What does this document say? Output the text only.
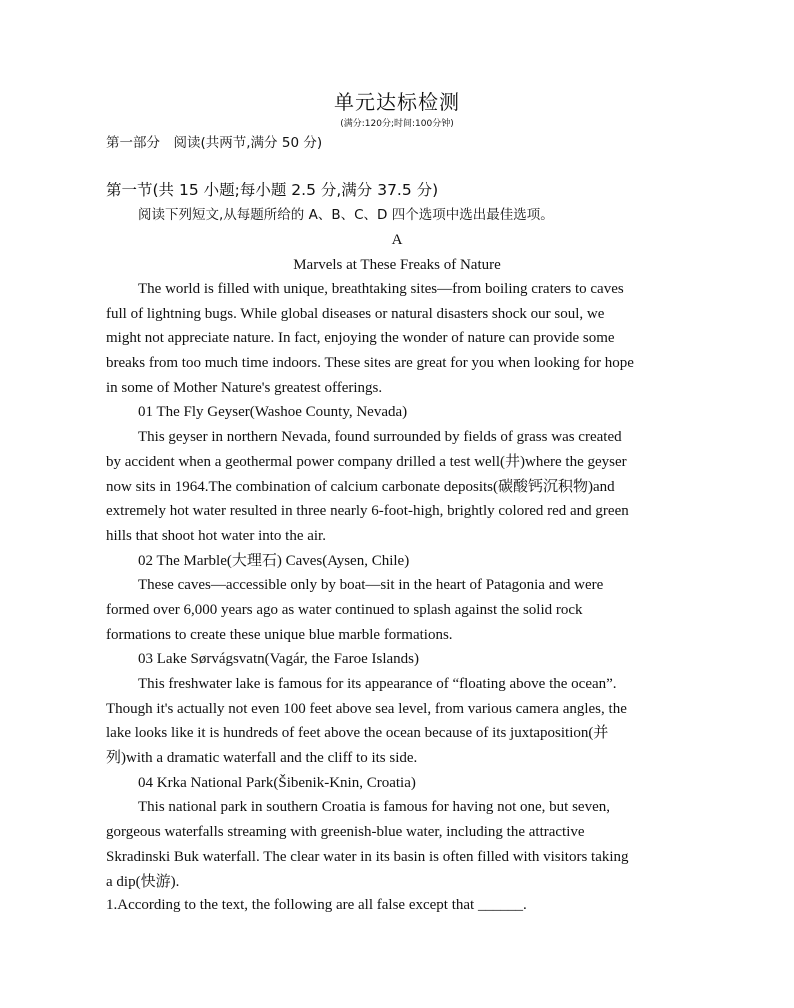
单元达标检测
(满分:120分;时间:100分钟)
第一部分　阅读(共两节,满分 50 分)
第一节(共 15 小题;每小题 2.5 分,满分 37.5 分)
阅读下列短文,从每题所给的 A、B、C、D 四个选项中选出最佳选项。
A
Marvels at These Freaks of Nature
The world is filled with unique, breathtaking sites—from boiling craters to caves
full of lightning bugs. While global diseases or natural disasters shock our soul, we
might not appreciate nature. In fact, enjoying the wonder of nature can provide some
breaks from too much time indoors. These sites are great for you when looking for hope
in some of Mother Nature's greatest offerings.
01 The Fly Geyser(Washoe County, Nevada)
This geyser in northern Nevada, found surrounded by fields of grass was created
by accident when a geothermal power company drilled a test well(井)where the geyser
now sits in 1964.The combination of calcium carbonate deposits(碳酸钙沉积物)and
extremely hot water resulted in three nearly 6-foot-high, brightly colored red and green
hills that shoot hot water into the air.
02 The Marble(大理石) Caves(Aysen, Chile)
These caves—accessible only by boat—sit in the heart of Patagonia and were
formed over 6,000 years ago as water continued to splash against the solid rock
formations to create these unique blue marble formations.
03 Lake Sørvágsvatn(Vagár, the Faroe Islands)
This freshwater lake is famous for its appearance of “floating above the ocean”.
Though it's actually not even 100 feet above sea level, from various camera angles, the
lake looks like it is hundreds of feet above the ocean because of its juxtaposition(并
列)with a dramatic waterfall and the cliff to its side.
04 Krka National Park(Šibenik-Knin, Croatia)
This national park in southern Croatia is famous for having not one, but seven,
gorgeous waterfalls streaming with greenish-blue water, including the attractive
Skradinski Buk waterfall. The clear water in its basin is often filled with visitors taking
a dip(快游).
1.According to the text, the following are all false except that ______.
